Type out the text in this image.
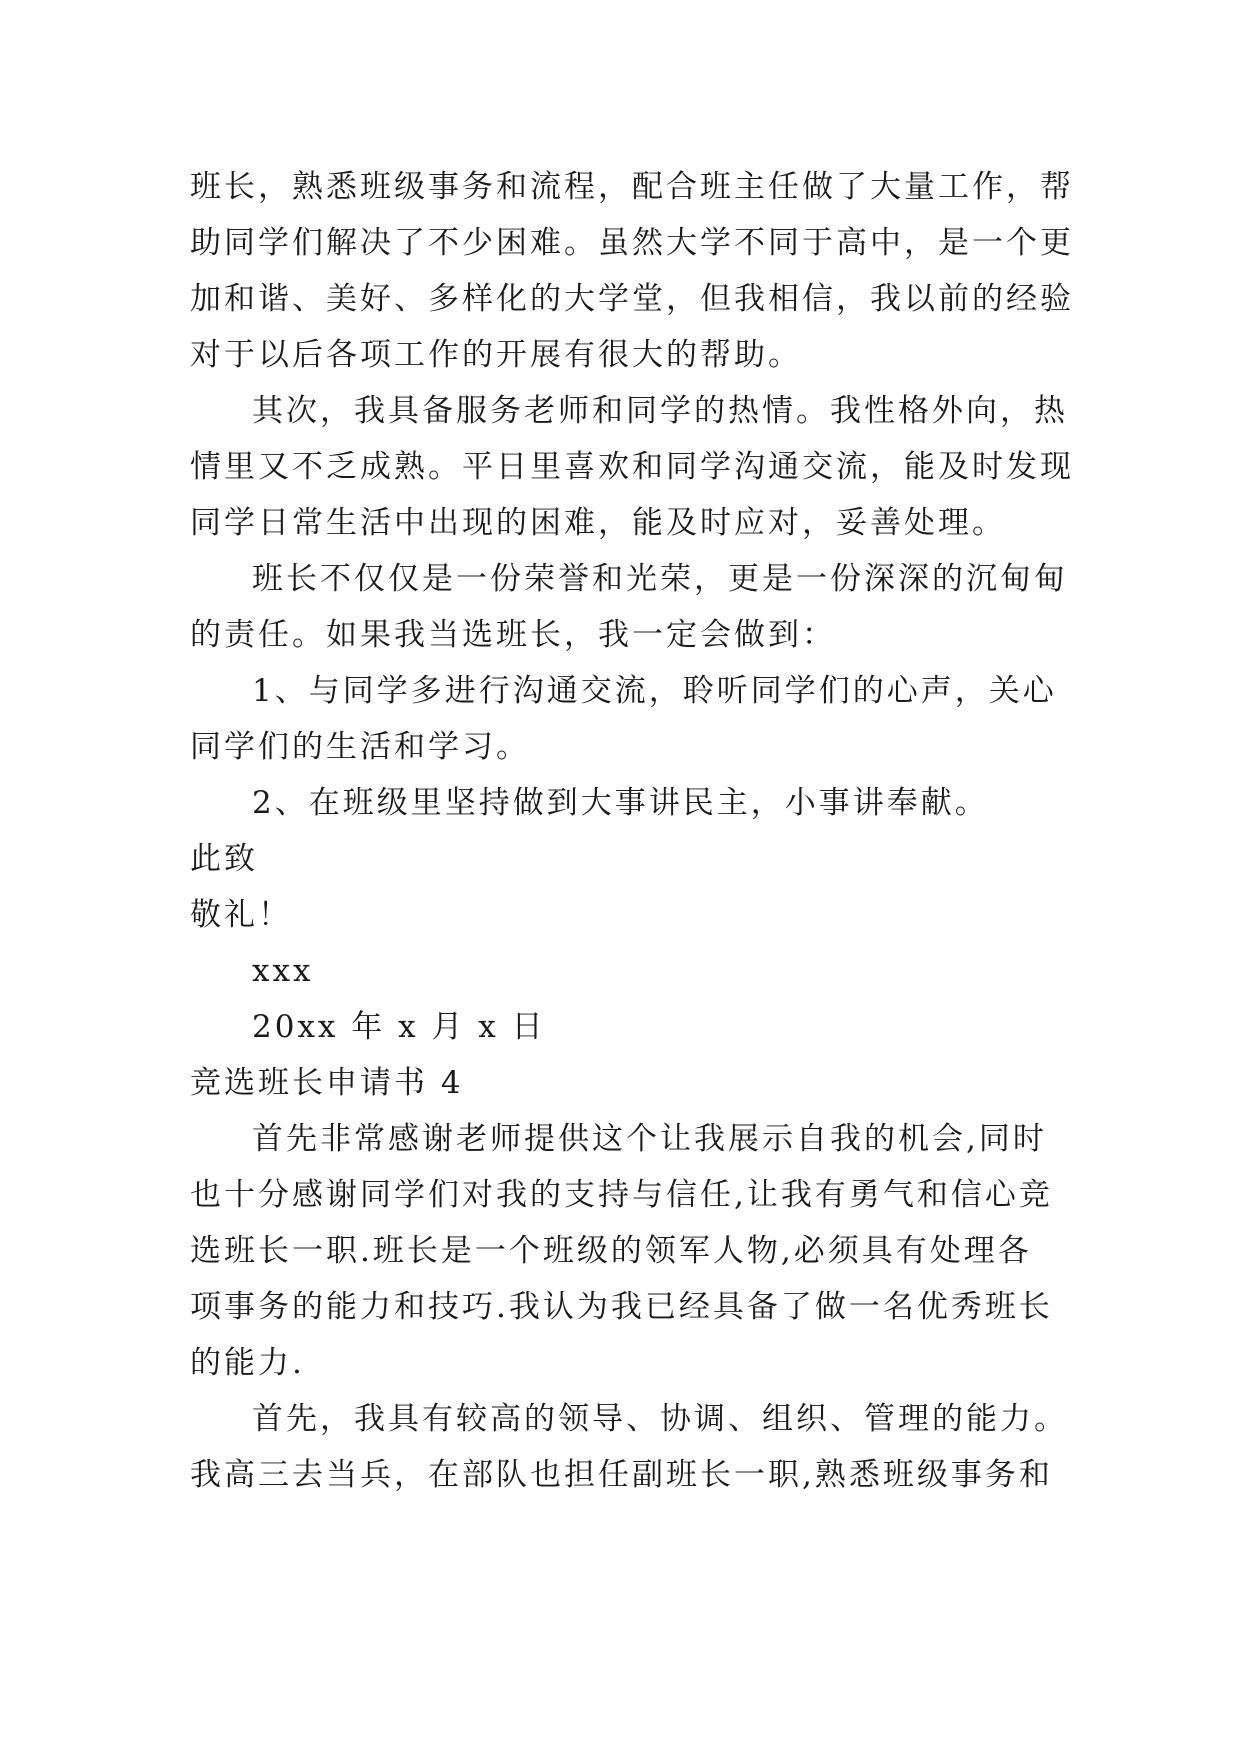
班长，熟悉班级事务和流程，配合班主任做了大量工作，帮
助同学们解决了不少困难。虽然大学不同于高中，是一个更
加和谐、美好、多样化的大学堂，但我相信，我以前的经验
对于以后各项工作的开展有很大的帮助。
其次，我具备服务老师和同学的热情。我性格外向，热
情里又不乏成熟。平日里喜欢和同学沟通交流，能及时发现
同学日常生活中出现的困难，能及时应对，妥善处理。
班长不仅仅是一份荣誉和光荣，更是一份深深的沉甸甸
的责任。如果我当选班长，我一定会做到：
1、与同学多进行沟通交流，聆听同学们的心声，关心
同学们的生活和学习。
2、在班级里坚持做到大事讲民主，小事讲奉献。
此致
敬礼！
xxx
20xx 年 x 月 x 日
竞选班长申请书 4
首先非常感谢老师提供这个让我展示自我的机会,同时
也十分感谢同学们对我的支持与信任,让我有勇气和信心竞
选班长一职.班长是一个班级的领军人物,必须具有处理各
项事务的能力和技巧.我认为我已经具备了做一名优秀班长
的能力.
首先，我具有较高的领导、协调、组织、管理的能力。
我高三去当兵，在部队也担任副班长一职,熟悉班级事务和
